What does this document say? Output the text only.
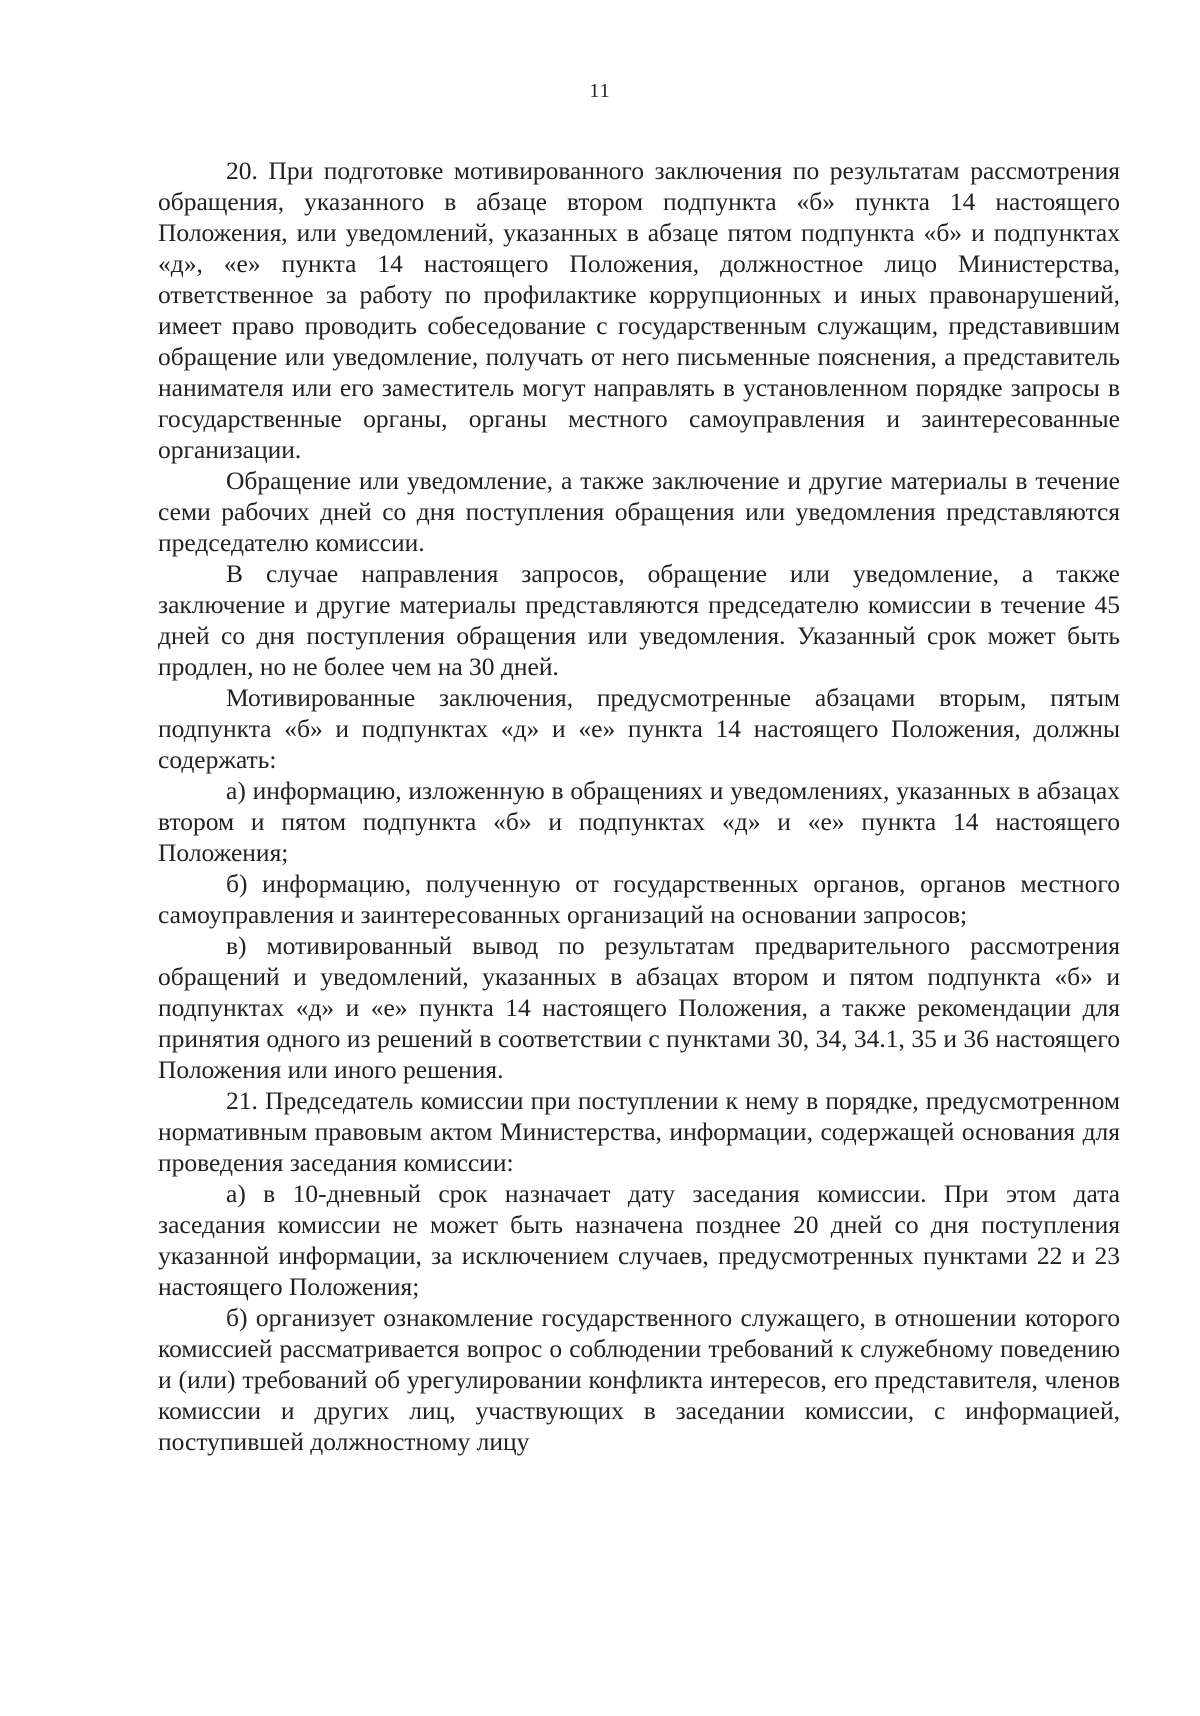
11

20. При подготовке мотивированного заключения по результатам рассмотрения обращения, указанного в абзаце втором подпункта «б» пункта 14 настоящего Положения, или уведомлений, указанных в абзаце пятом подпункта «б» и подпунктах «д», «е» пункта 14 настоящего Положения, должностное лицо Министерства, ответственное за работу по профилактике коррупционных и иных правонарушений, имеет право проводить собеседование с государственным служащим, представившим обращение или уведомление, получать от него письменные пояснения, а представитель нанимателя или его заместитель могут направлять в установленном порядке запросы в государственные органы, органы местного самоуправления и заинтересованные организации.

Обращение или уведомление, а также заключение и другие материалы в течение семи рабочих дней со дня поступления обращения или уведомления представляются председателю комиссии.

В случае направления запросов, обращение или уведомление, а также заключение и другие материалы представляются председателю комиссии в течение 45 дней со дня поступления обращения или уведомления. Указанный срок может быть продлен, но не более чем на 30 дней.

Мотивированные заключения, предусмотренные абзацами вторым, пятым подпункта «б» и подпунктах «д» и «е» пункта 14 настоящего Положения, должны содержать:

а) информацию, изложенную в обращениях и уведомлениях, указанных в абзацах втором и пятом подпункта «б» и подпунктах «д» и «е» пункта 14 настоящего Положения;

б) информацию, полученную от государственных органов, органов местного самоуправления и заинтересованных организаций на основании запросов;

в) мотивированный вывод по результатам предварительного рассмотрения обращений и уведомлений, указанных в абзацах втором и пятом подпункта «б» и подпунктах «д» и «е» пункта 14 настоящего Положения, а также рекомендации для принятия одного из решений в соответствии с пунктами 30, 34, 34.1, 35 и 36 настоящего Положения или иного решения.

21. Председатель комиссии при поступлении к нему в порядке, предусмотренном нормативным правовым актом Министерства, информации, содержащей основания для проведения заседания комиссии:

а) в 10-дневный срок назначает дату заседания комиссии. При этом дата заседания комиссии не может быть назначена позднее 20 дней со дня поступления указанной информации, за исключением случаев, предусмотренных пунктами 22 и 23 настоящего Положения;

б) организует ознакомление государственного служащего, в отношении которого комиссией рассматривается вопрос о соблюдении требований к служебному поведению и (или) требований об урегулировании конфликта интересов, его представителя, членов комиссии и других лиц, участвующих в заседании комиссии, с информацией, поступившей должностному лицу
